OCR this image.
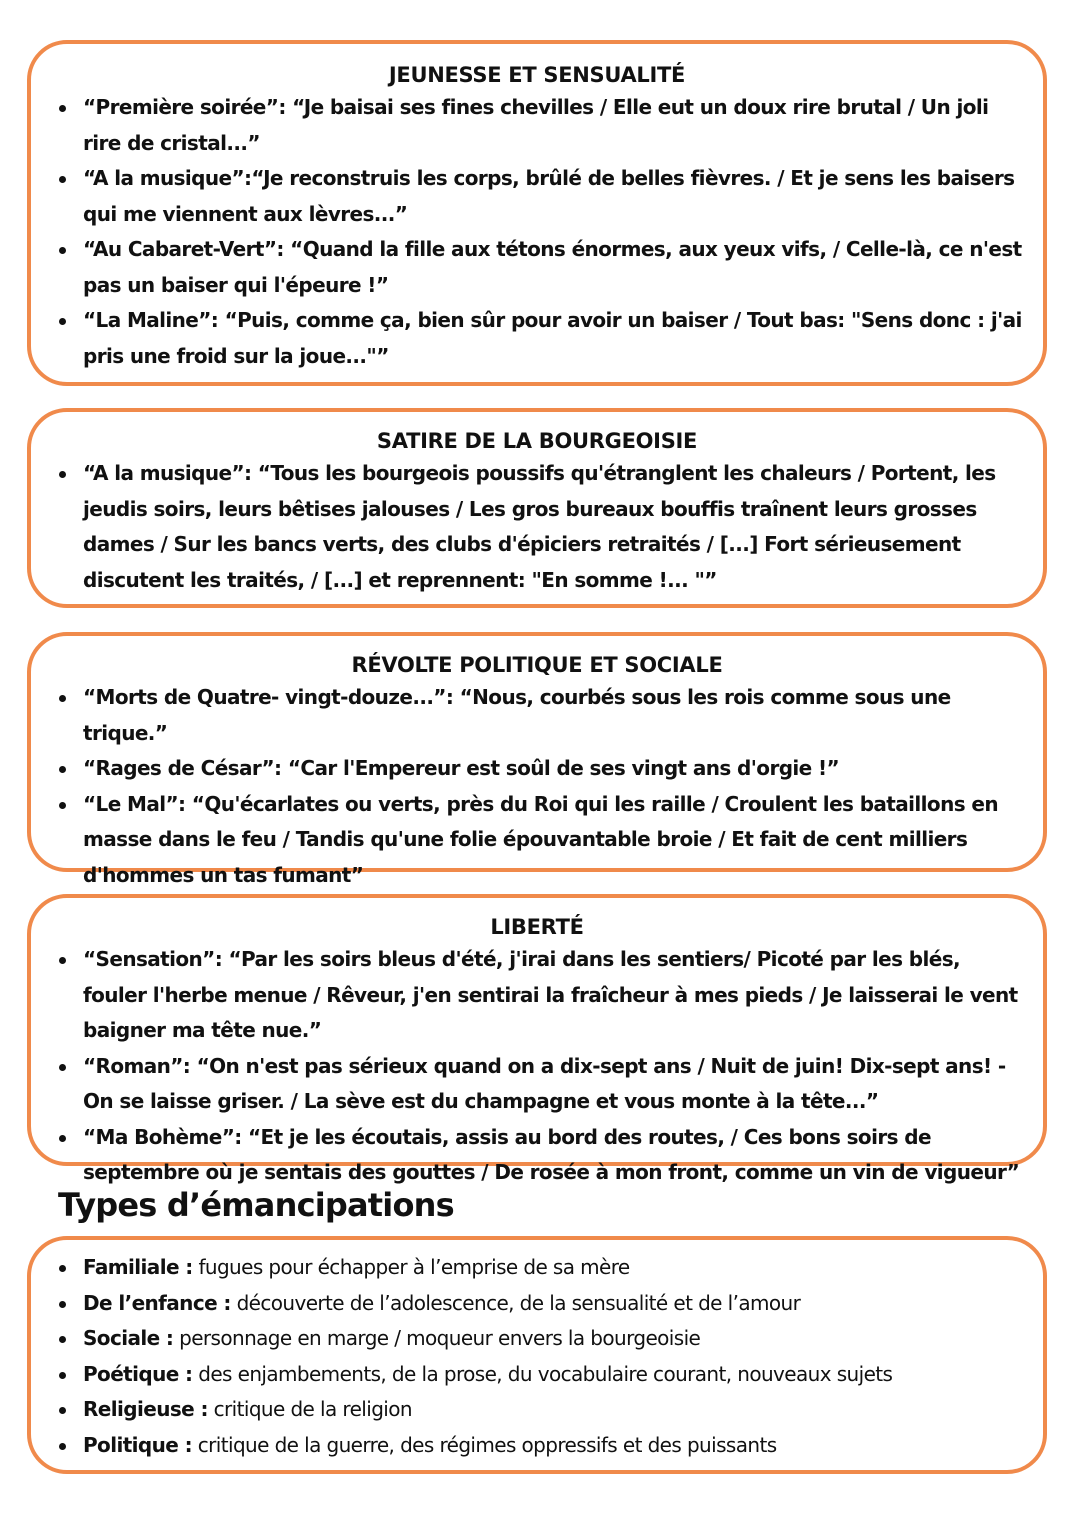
JEUNESSE ET SENSUALITÉ
“Première soirée”: “Je baisai ses fines chevilles / Elle eut un doux rire brutal / Un joli rire de cristal...”
“A la musique”:“Je reconstruis les corps, brûlé de belles fièvres. / Et je sens les baisers qui me viennent aux lèvres...”
“Au Cabaret-Vert”: “Quand la fille aux tétons énormes, aux yeux vifs, / Celle-là, ce n'est pas un baiser qui l'épeure !”
“La Maline”: “Puis, comme ça, bien sûr pour avoir un baiser / Tout bas: "Sens donc : j'ai pris une froid sur la joue..."”
SATIRE DE LA BOURGEOISIE
“A la musique”: “Tous les bourgeois poussifs qu'étranglent les chaleurs / Portent, les jeudis soirs, leurs bêtises jalouses / Les gros bureaux bouffis traînent leurs grosses dames / Sur les bancs verts, des clubs d'épiciers retraités / [...] Fort sérieusement discutent les traités, / [...] et reprennent: "En somme !... "”
RÉVOLTE POLITIQUE ET SOCIALE
“Morts de Quatre- vingt-douze...”: “Nous, courbés sous les rois comme sous une trique.”
“Rages de César”: “Car l'Empereur est soûl de ses vingt ans d'orgie !”
“Le Mal”: “Qu'écarlates ou verts, près du Roi qui les raille / Croulent les bataillons en masse dans le feu / Tandis qu'une folie épouvantable broie / Et fait de cent milliers d'hommes un tas fumant”
LIBERTÉ
“Sensation”: “Par les soirs bleus d'été, j'irai dans les sentiers/ Picoté par les blés, fouler l'herbe menue / Rêveur, j'en sentirai la fraîcheur à mes pieds / Je laisserai le vent baigner ma tête nue.”
“Roman”: “On n'est pas sérieux quand on a dix-sept ans / Nuit de juin! Dix-sept ans! - On se laisse griser. / La sève est du champagne et vous monte à la tête...”
“Ma Bohème”: “Et je les écoutais, assis au bord des routes, / Ces bons soirs de septembre où je sentais des gouttes / De rosée à mon front, comme un vin de vigueur”
Types d’émancipations
Familiale : fugues pour échapper à l’emprise de sa mère
De l’enfance : découverte de l’adolescence, de la sensualité et de l’amour
Sociale : personnage en marge / moqueur envers la bourgeoisie
Poétique : des enjambements, de la prose, du vocabulaire courant, nouveaux sujets
Religieuse : critique de la religion
Politique : critique de la guerre, des régimes oppressifs et des puissants
